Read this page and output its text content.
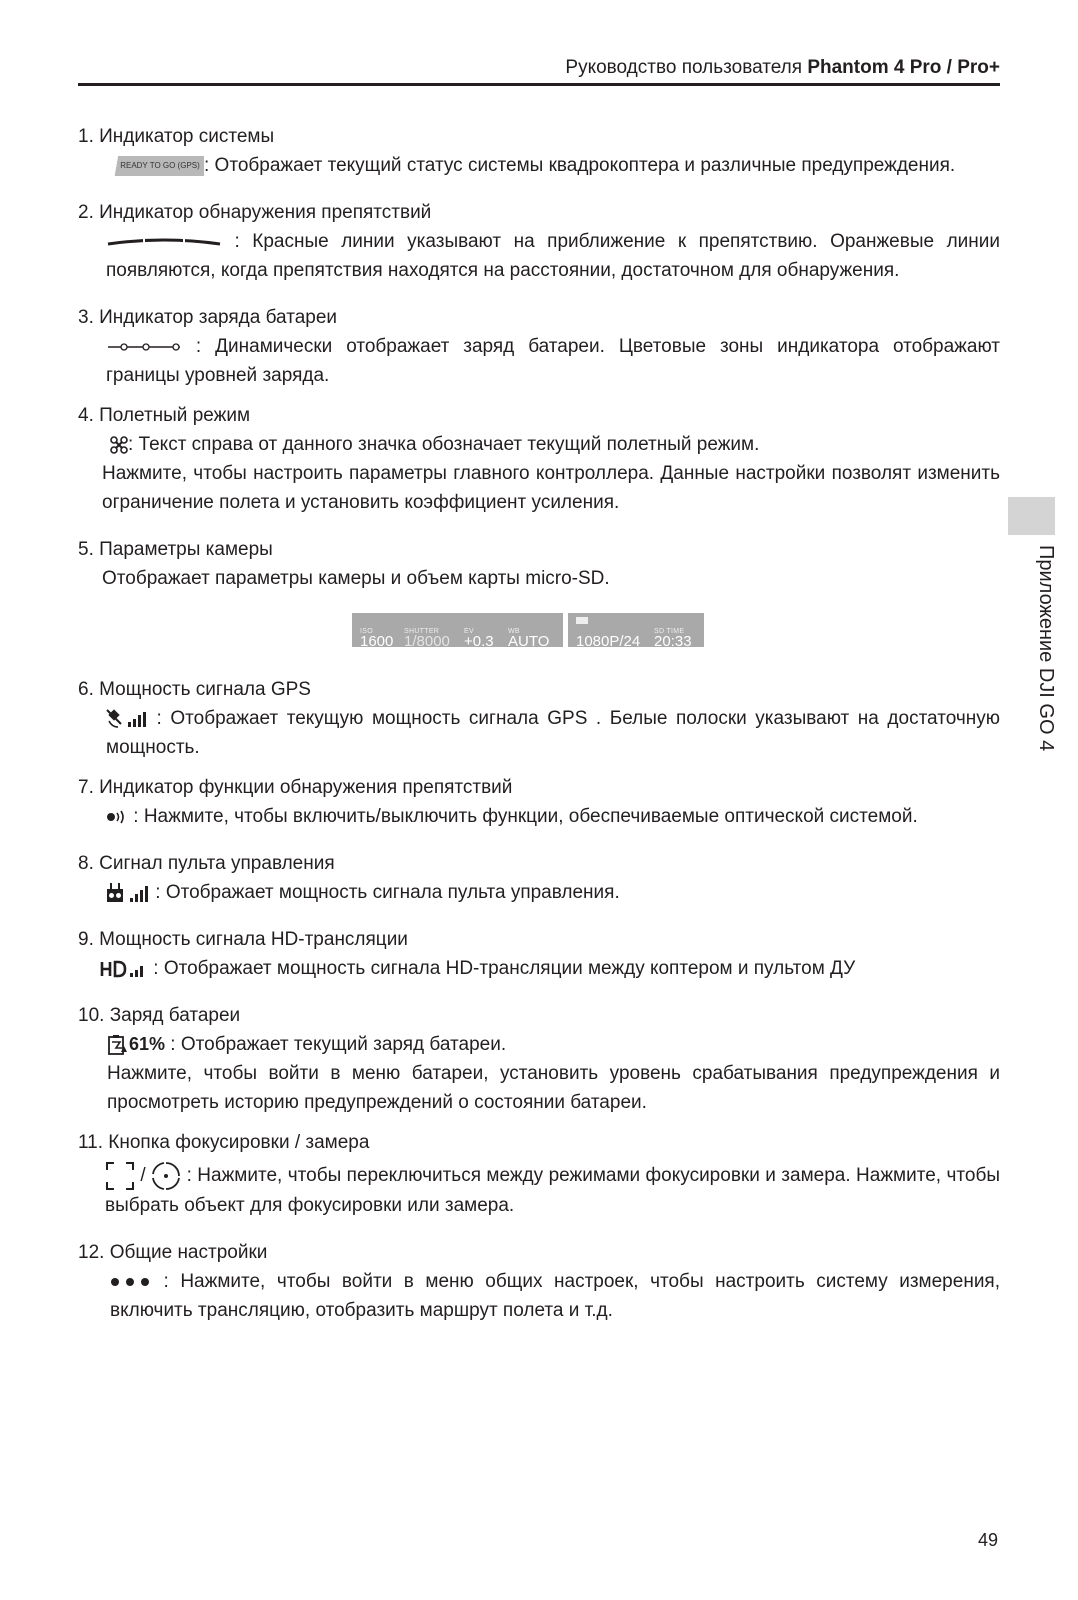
Руководство пользователя Phantom 4 Pro / Pro+
Приложение DJI GO 4
1. Индикатор системы
READY TO GO (GPS) : Отображает текущий статус системы квадрокоптера и различные предупреждения.
2. Индикатор обнаружения препятствий
: Красные линии указывают на приближение к препятствию. Оранжевые линии появляются, когда препятствия находятся на расстоянии, достаточном для обнаружения.
3. Индикатор заряда батареи
: Динамически отображает заряд батареи. Цветовые зоны индикатора отображают границы уровней заряда.
4. Полетный режим
: Текст справа от данного значка обозначает текущий полетный режим.
Нажмите, чтобы настроить параметры главного контроллера. Данные настройки позволят изменить ограничение полета и установить коэффициент усиления.
5. Параметры камеры
Отображает параметры камеры и объем карты micro-SD.
ISO
1600
SHUTTER
1/8000
EV
+0.3
WB
AUTO 1080P/24
SD TIME
20:33
6. Мощность сигнала GPS
: Отображает текущую мощность сигнала GPS . Белые полоски указывают на достаточную мощность.
7. Индикатор функции обнаружения препятствий
: Нажмите, чтобы включить/выключить функции, обеспечиваемые оптической системой.
8. Сигнал пульта управления
: Отображает мощность сигнала пульта управления.
9. Мощность сигнала HD-трансляции
: Отображает мощность сигнала HD-трансляции между коптером и пультом ДУ
10. Заряд батареи
61% : Отображает текущий заряд батареи.
Нажмите, чтобы войти в меню батареи, установить уровень срабатывания предупреждения и просмотреть историю предупреждений о состоянии батареи.
11. Кнопка фокусировки / замера
/  : Нажмите, чтобы переключиться между режимами фокусировки и замера. Нажмите, чтобы выбрать объект для фокусировки или замера.
12. Общие настройки
: Нажмите, чтобы войти в меню общих настроек, чтобы настроить систему измерения, включить трансляцию, отобразить маршрут полета и т.д.
49
